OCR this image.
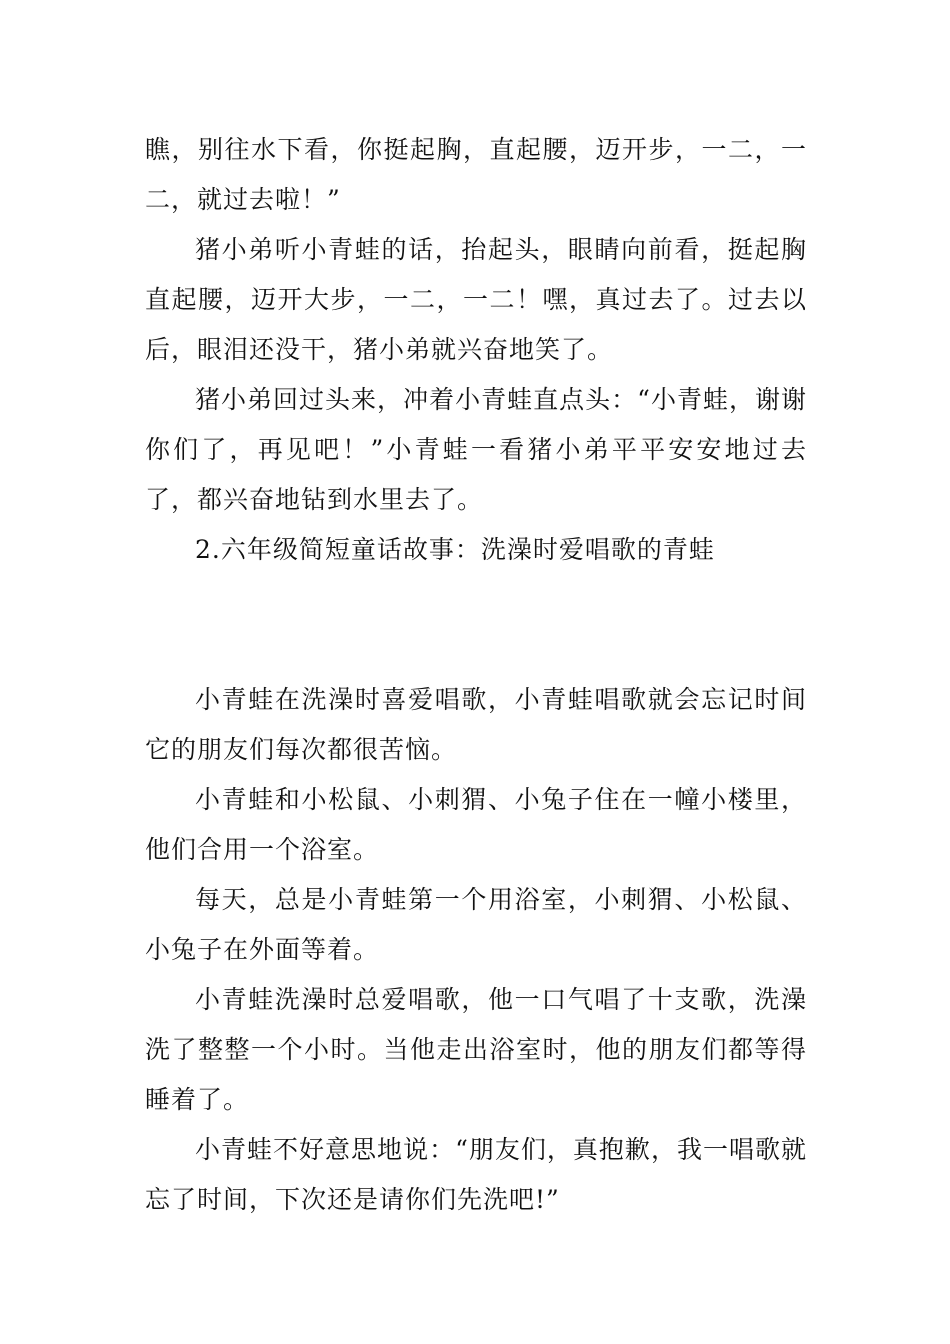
瞧，别往水下看，你挺起胸，直起腰，迈开步，一二，一二，就过去啦！”

猪小弟听小青蛙的话，抬起头，眼睛向前看，挺起胸直起腰，迈开大步，一二，一二！嘿，真过去了。过去以后，眼泪还没干，猪小弟就兴奋地笑了。

猪小弟回过头来，冲着小青蛙直点头：“小青蛙，谢谢你们了，再见吧！”小青蛙一看猪小弟平平安安地过去了，都兴奋地钻到水里去了。

2.六年级简短童话故事：洗澡时爱唱歌的青蛙

小青蛙在洗澡时喜爱唱歌，小青蛙唱歌就会忘记时间它的朋友们每次都很苦恼。

小青蛙和小松鼠、小刺猬、小兔子住在一幢小楼里，他们合用一个浴室。

每天，总是小青蛙第一个用浴室，小刺猬、小松鼠、小兔子在外面等着。

小青蛙洗澡时总爱唱歌，他一口气唱了十支歌，洗澡洗了整整一个小时。当他走出浴室时，他的朋友们都等得睡着了。

小青蛙不好意思地说：“朋友们，真抱歉，我一唱歌就忘了时间，下次还是请你们先洗吧!”
